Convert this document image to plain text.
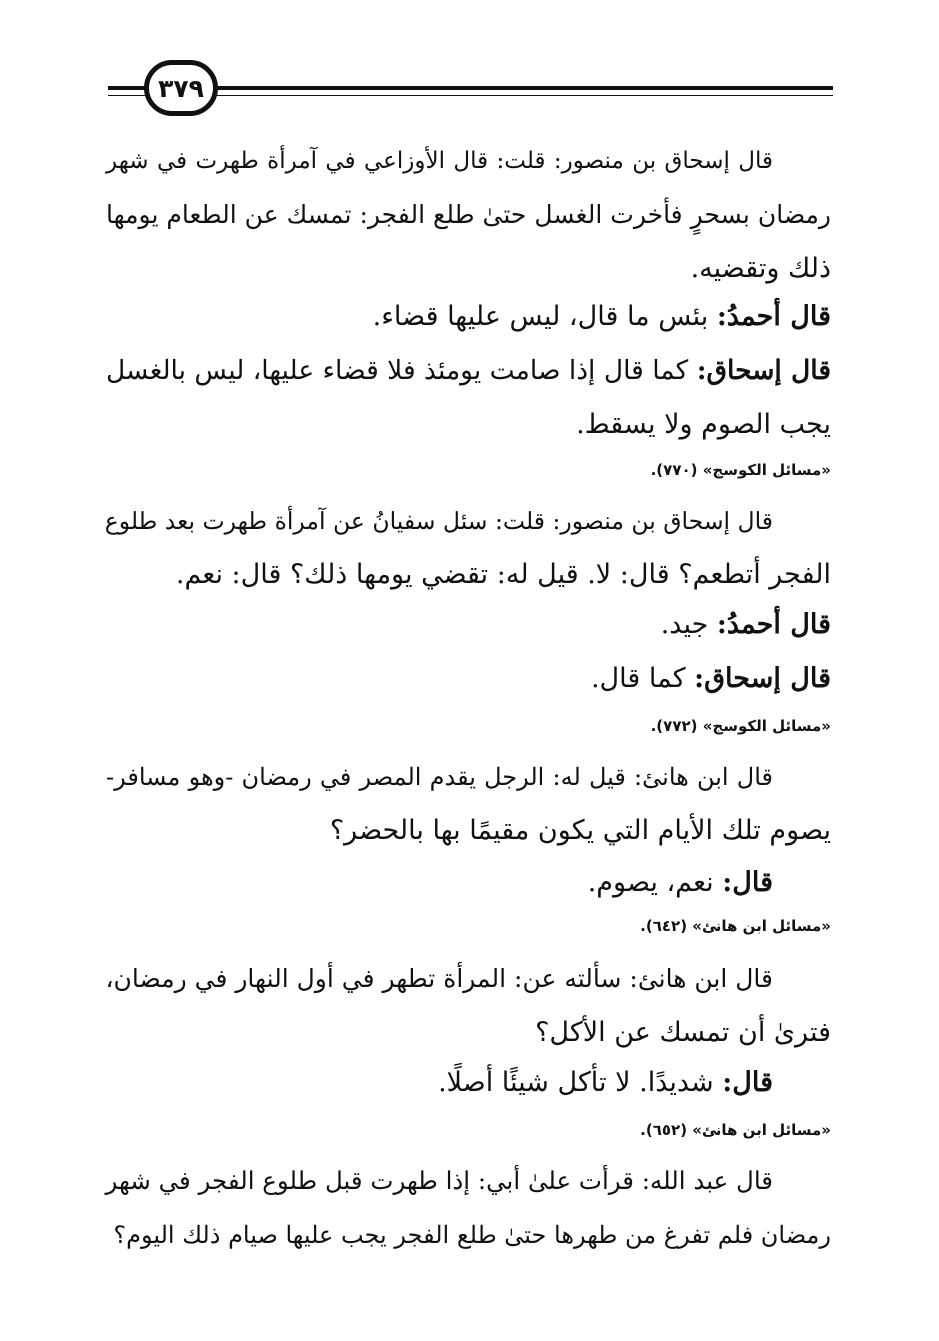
٣٧٩
قال إسحاق بن منصور: قلت: قال الأوزاعي في آمرأة طهرت في شهر
رمضان بسحرٍ فأخرت الغسل حتىٰ طلع الفجر: تمسك عن الطعام يومها
ذلك وتقضيه.
قال أحمدُ: بئس ما قال، ليس عليها قضاء.
قال إسحاق: كما قال إذا صامت يومئذ فلا قضاء عليها، ليس بالغسل
يجب الصوم ولا يسقط.
«مسائل الكوسج» (٧٧٠).
قال إسحاق بن منصور: قلت: سئل سفيانُ عن آمرأة طهرت بعد طلوع
الفجر أتطعم؟ قال: لا. قيل له: تقضي يومها ذلك؟ قال: نعم.
قال أحمدُ: جيد.
قال إسحاق: كما قال.
«مسائل الكوسج» (٧٧٢).
قال ابن هانئ: قيل له: الرجل يقدم المصر في رمضان -وهو مسافر-
يصوم تلك الأيام التي يكون مقيمًا بها بالحضر؟
قال: نعم، يصوم.
«مسائل ابن هانئ» (٦٤٢).
قال ابن هانئ: سألته عن: المرأة تطهر في أول النهار في رمضان،
فترىٰ أن تمسك عن الأكل؟
قال: شديدًا. لا تأكل شيئًا أصلًا.
«مسائل ابن هانئ» (٦٥٢).
قال عبد الله: قرأت علىٰ أبي: إذا طهرت قبل طلوع الفجر في شهر
رمضان فلم تفرغ من طهرها حتىٰ طلع الفجر يجب عليها صيام ذلك اليوم؟
